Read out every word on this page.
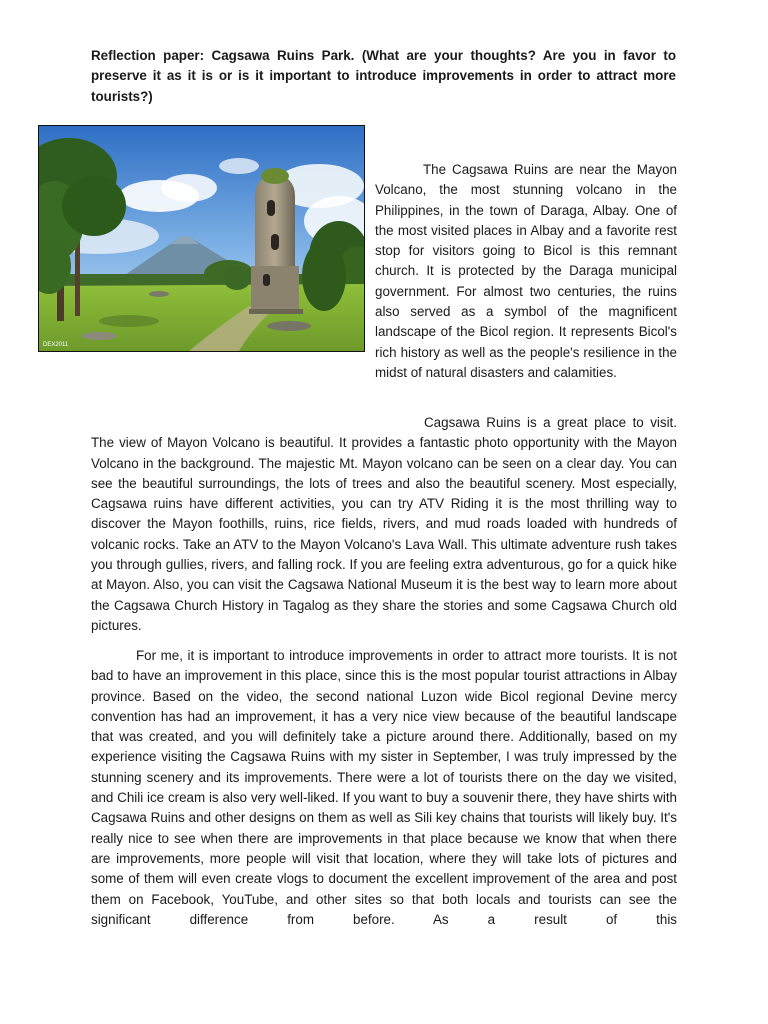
Reflection paper: Cagsawa Ruins Park. (What are your thoughts? Are you in favor to preserve it as it is or is it important to introduce improvements in order to attract more tourists?)
DEX2011
The Cagsawa Ruins are near the Mayon Volcano, the most stunning volcano in the Philippines, in the town of Daraga, Albay. One of the most visited places in Albay and a favorite rest stop for visitors going to Bicol is this remnant church. It is protected by the Daraga municipal government. For almost two centuries, the ruins also served as a symbol of the magnificent landscape of the Bicol region. It represents Bicol's rich history as well as the people's resilience in the midst of natural disasters and calamities.
Cagsawa Ruins is a great place to visit. The view of Mayon Volcano is beautiful. It provides a fantastic photo opportunity with the Mayon Volcano in the background. The majestic Mt. Mayon volcano can be seen on a clear day. You can see the beautiful surroundings, the lots of trees and also the beautiful scenery. Most especially, Cagsawa ruins have different activities, you can try ATV Riding it is the most thrilling way to discover the Mayon foothills, ruins, rice fields, rivers, and mud roads loaded with hundreds of volcanic rocks. Take an ATV to the Mayon Volcano's Lava Wall. This ultimate adventure rush takes you through gullies, rivers, and falling rock. If you are feeling extra adventurous, go for a quick hike at Mayon. Also, you can visit the Cagsawa National Museum it is the best way to learn more about the Cagsawa Church History in Tagalog as they share the stories and some Cagsawa Church old pictures.
For me, it is important to introduce improvements in order to attract more tourists. It is not bad to have an improvement in this place, since this is the most popular tourist attractions in Albay province. Based on the video, the second national Luzon wide Bicol regional Devine mercy convention has had an improvement, it has a very nice view because of the beautiful landscape that was created, and you will definitely take a picture around there. Additionally, based on my experience visiting the Cagsawa Ruins with my sister in September, I was truly impressed by the stunning scenery and its improvements. There were a lot of tourists there on the day we visited, and Chili ice cream is also very well-liked. If you want to buy a souvenir there, they have shirts with Cagsawa Ruins and other designs on them as well as Sili key chains that tourists will likely buy. It's really nice to see when there are improvements in that place because we know that when there are improvements, more people will visit that location, where they will take lots of pictures and some of them will even create vlogs to document the excellent improvement of the area and post them on Facebook, YouTube, and other sites so that both locals and tourists can see the significant difference from before. As a result of this
